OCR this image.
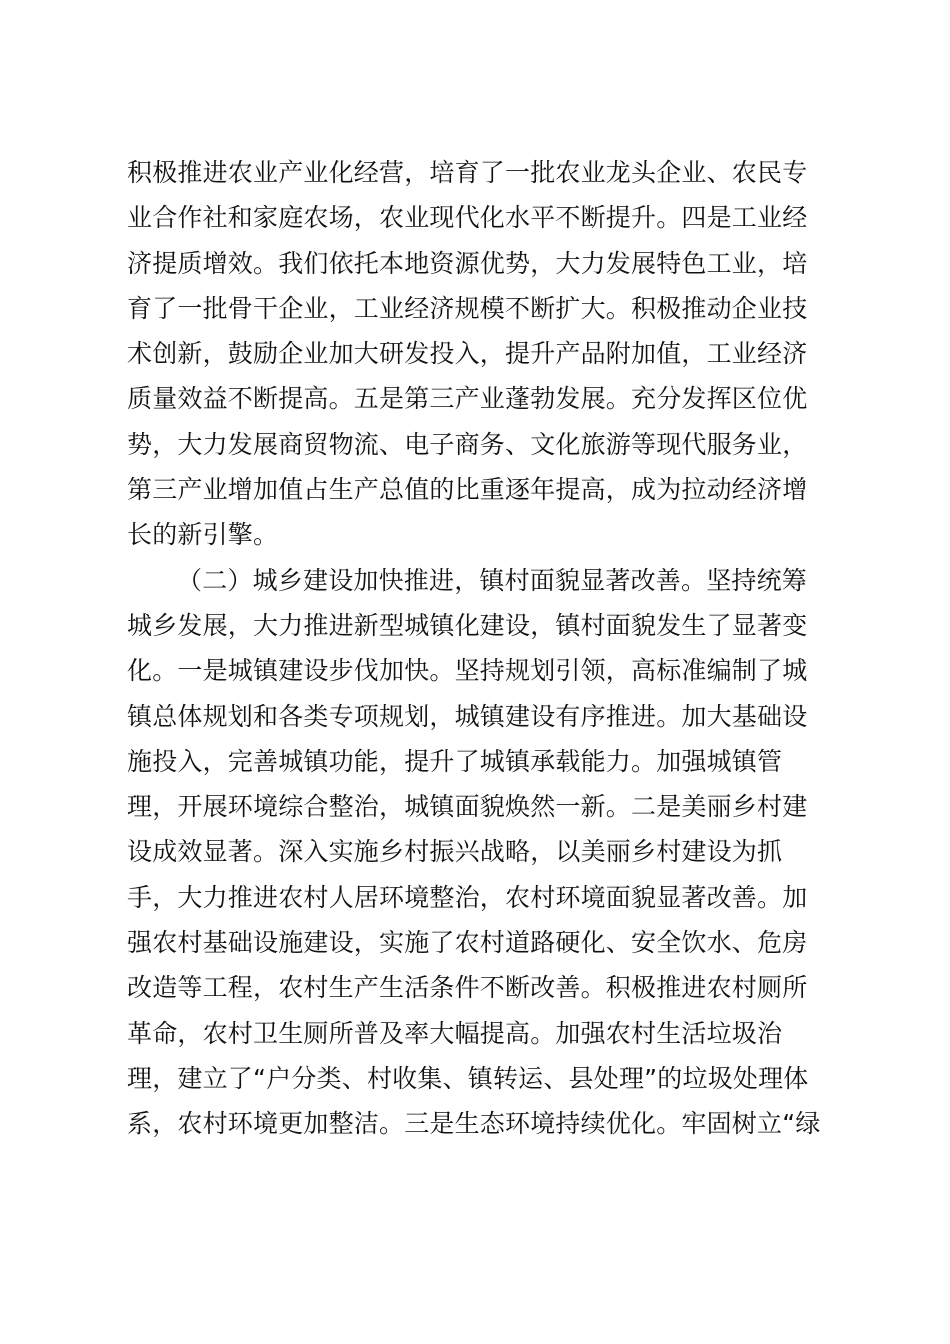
积极推进农业产业化经营，培育了一批农业龙头企业、农民专
业合作社和家庭农场，农业现代化水平不断提升。四是工业经
济提质增效。我们依托本地资源优势，大力发展特色工业，培
育了一批骨干企业，工业经济规模不断扩大。积极推动企业技
术创新，鼓励企业加大研发投入，提升产品附加值，工业经济
质量效益不断提高。五是第三产业蓬勃发展。充分发挥区位优
势，大力发展商贸物流、电子商务、文化旅游等现代服务业，
第三产业增加值占生产总值的比重逐年提高，成为拉动经济增
长的新引擎。
（二）城乡建设加快推进，镇村面貌显著改善。坚持统筹
城乡发展，大力推进新型城镇化建设，镇村面貌发生了显著变
化。一是城镇建设步伐加快。坚持规划引领，高标准编制了城
镇总体规划和各类专项规划，城镇建设有序推进。加大基础设
施投入，完善城镇功能，提升了城镇承载能力。加强城镇管
理，开展环境综合整治，城镇面貌焕然一新。二是美丽乡村建
设成效显著。深入实施乡村振兴战略，以美丽乡村建设为抓
手，大力推进农村人居环境整治，农村环境面貌显著改善。加
强农村基础设施建设，实施了农村道路硬化、安全饮水、危房
改造等工程，农村生产生活条件不断改善。积极推进农村厕所
革命，农村卫生厕所普及率大幅提高。加强农村生活垃圾治
理，建立了“户分类、村收集、镇转运、县处理”的垃圾处理体
系，农村环境更加整洁。三是生态环境持续优化。牢固树立“绿
